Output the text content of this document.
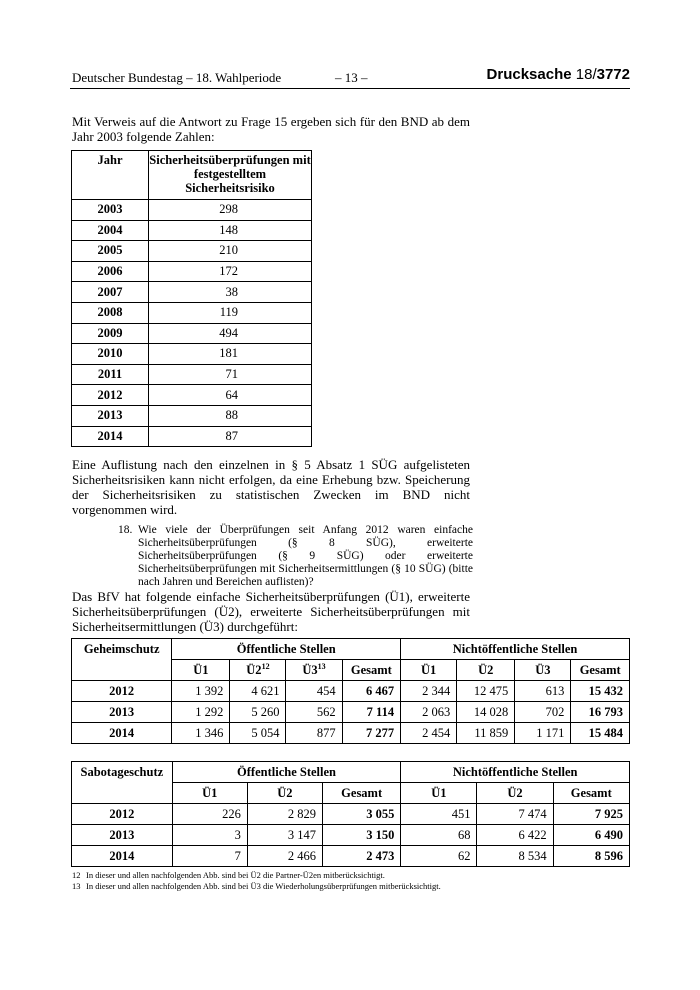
Deutscher Bundestag – 18. Wahlperiode	– 13 –	Drucksache 18/3772

Mit Verweis auf die Antwort zu Frage 15 ergeben sich für den BND ab dem Jahr 2003 folgende Zahlen:

Jahr	Sicherheitsüberprüfungen mit festgestelltem Sicherheitsrisiko
2003	298
2004	148
2005	210
2006	172
2007	38
2008	119
2009	494
2010	181
2011	71
2012	64
2013	88
2014	87

Eine Auflistung nach den einzelnen in § 5 Absatz 1 SÜG aufgelisteten Sicherheitsrisiken kann nicht erfolgen, da eine Erhebung bzw. Speicherung der Sicherheitsrisiken zu statistischen Zwecken im BND nicht vorgenommen wird.

18. Wie viele der Überprüfungen seit Anfang 2012 waren einfache Sicherheitsüberprüfungen (§ 8 SÜG), erweiterte Sicherheitsüberprüfungen (§ 9 SÜG) oder erweiterte Sicherheitsüberprüfungen mit Sicherheitsermittlungen (§ 10 SÜG) (bitte nach Jahren und Bereichen auflisten)?

Das BfV hat folgende einfache Sicherheitsüberprüfungen (Ü1), erweiterte Sicherheitsüberprüfungen (Ü2), erweiterte Sicherheitsüberprüfungen mit Sicherheitsermittlungen (Ü3) durchgeführt:

Geheimschutz	Öffentliche Stellen				Nichtöffentliche Stellen			
	Ü1	$Ü2^{12}$	$Ü3^{13}$	Gesamt	Ü1	Ü2	Ü3	Gesamt
2012	1 392	4 621	454	6 467	2 344	12 475	613	15 432
2013	1 292	5 260	562	7 114	2 063	14 028	702	16 793
2014	1 346	5 054	877	7 277	2 454	11 859	1 171	15 484
Sabotageschutz	Öffentliche Stellen			Nichtöffentliche Stellen		
	Ü1	Ü2	Gesamt	Ü1	Ü2	Gesamt
2012	226	2 829	3 055	451	7 474	7 925
2013	3	3 147	3 150	68	6 422	6 490
2014	7	2 466	2 473	62	8 534	8 596
12 In dieser und allen nachfolgenden Abb. sind bei Ü2 die Partner-Ü2en mitberücksichtigt.
13 In dieser und allen nachfolgenden Abb. sind bei Ü3 die Wiederholungsüberprüfungen mitberücksichtigt.
